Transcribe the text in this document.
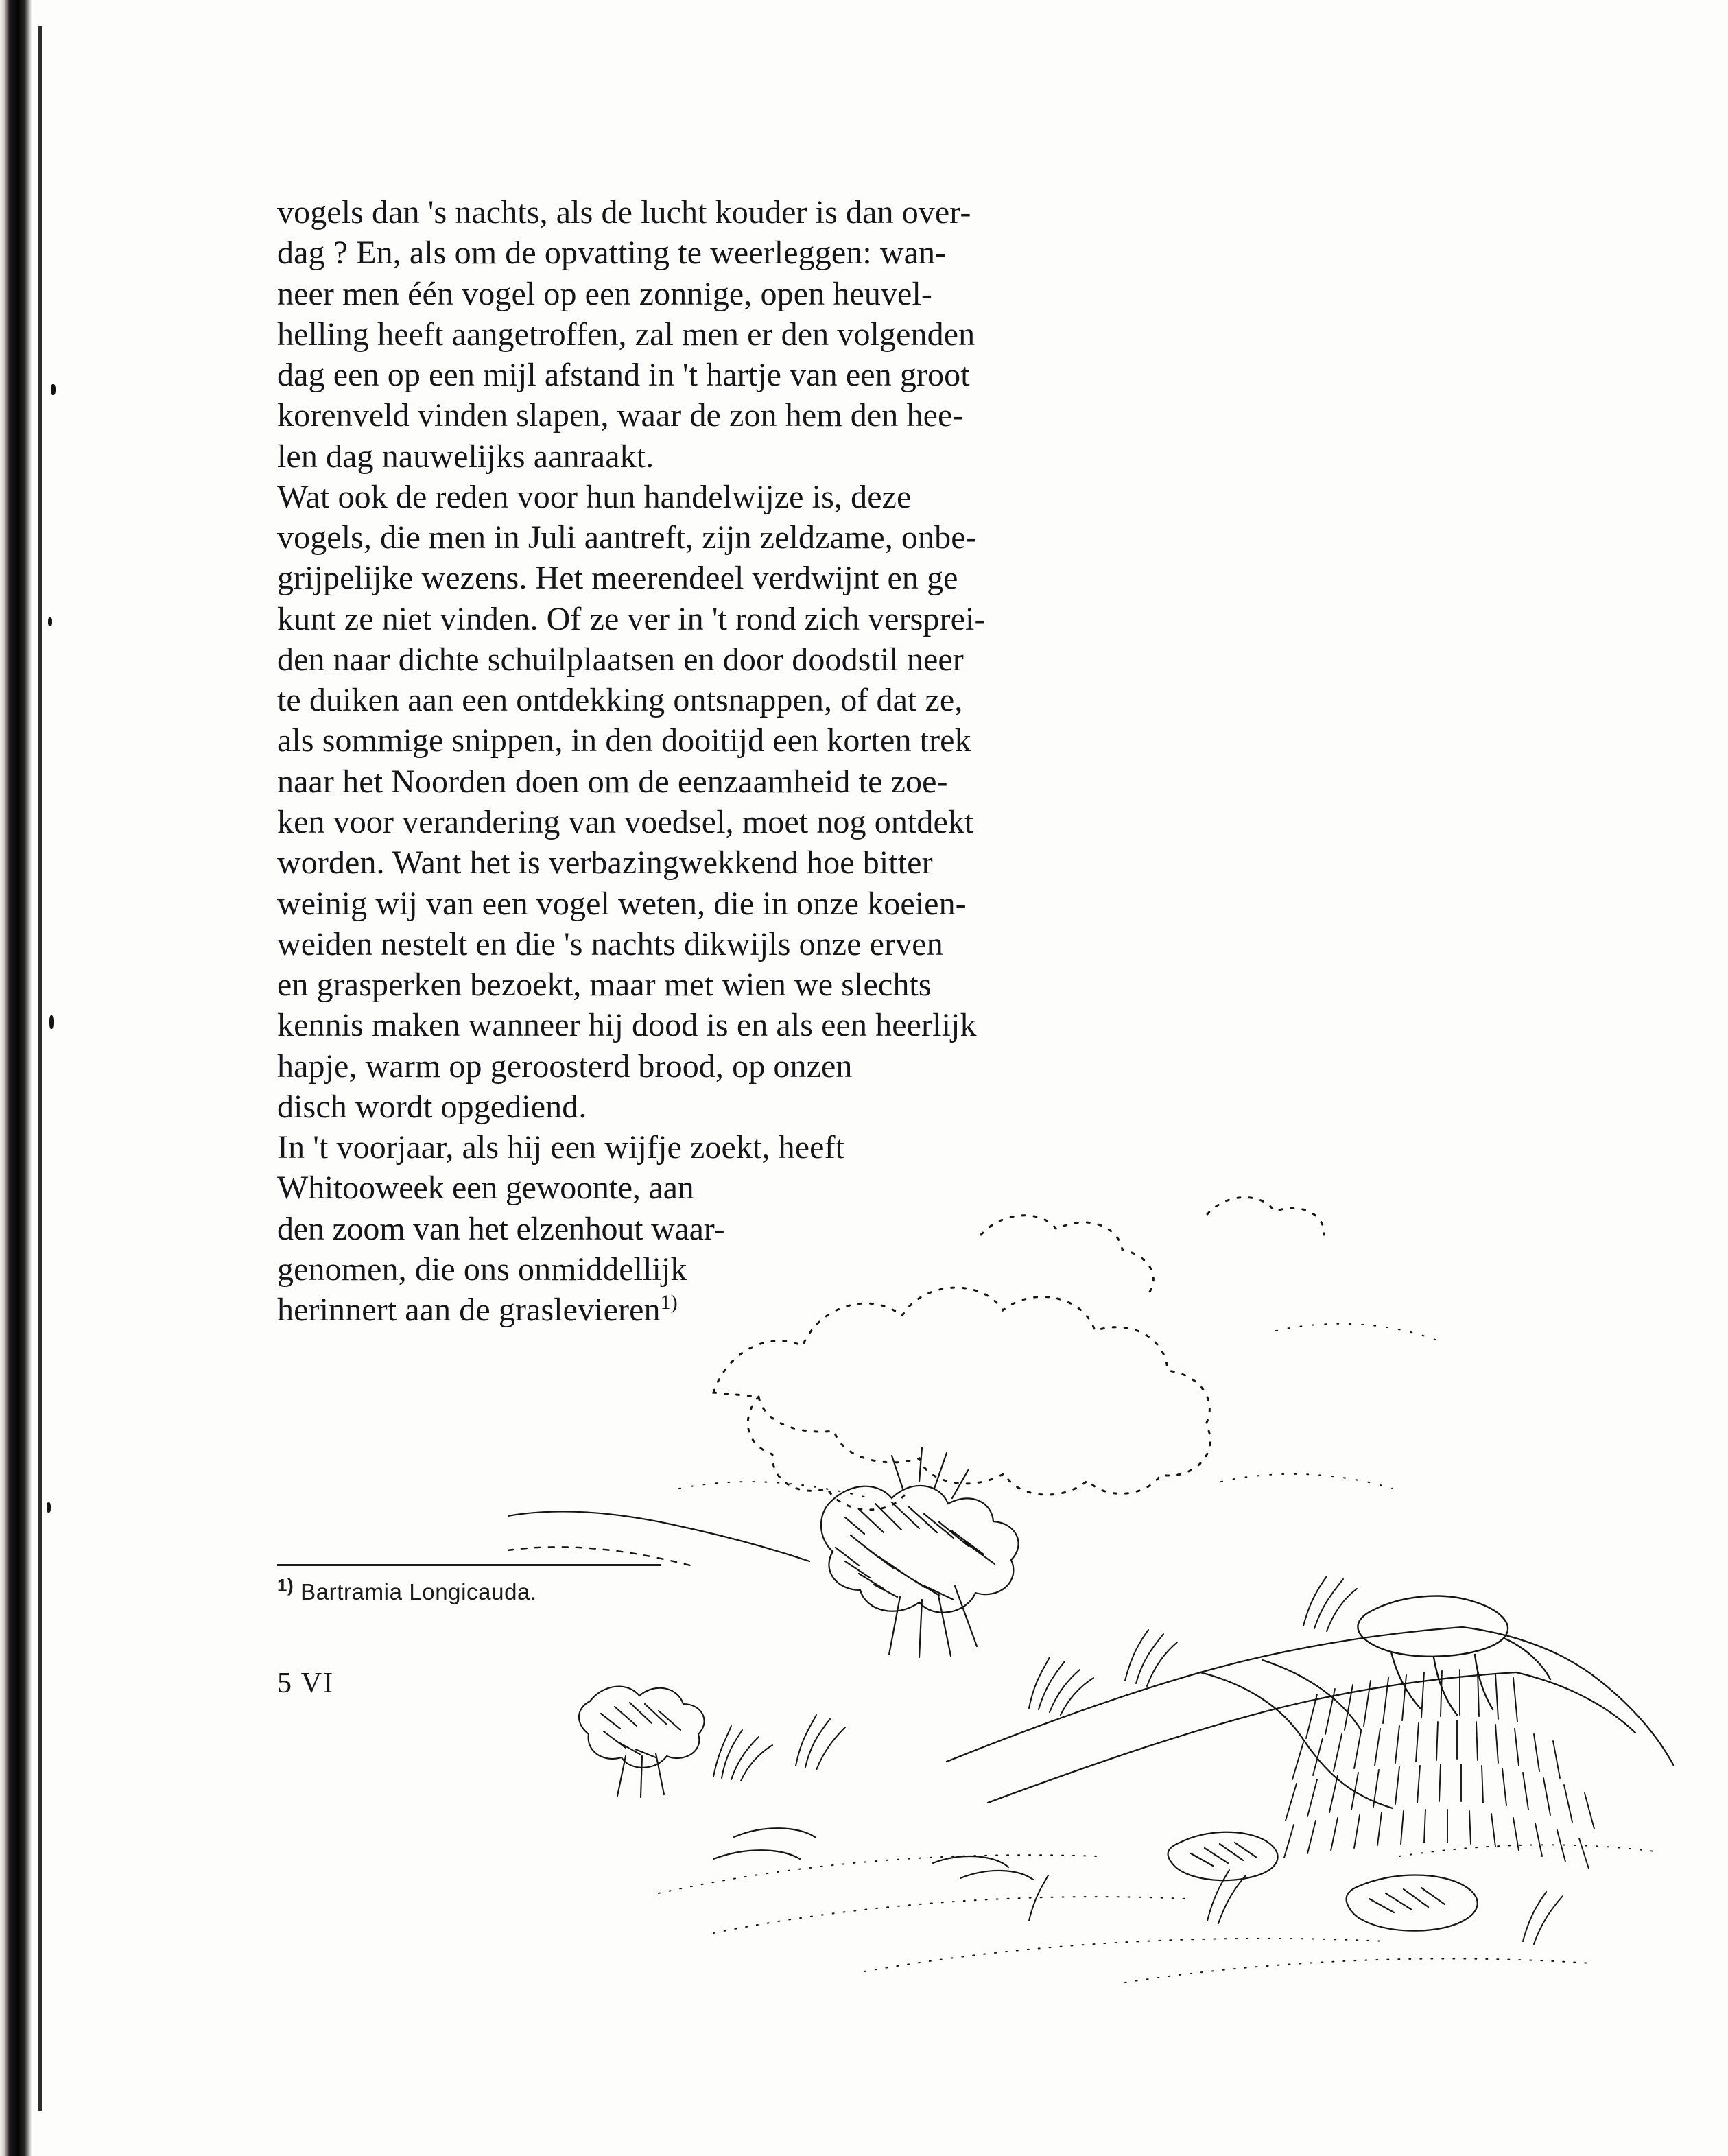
vogels dan 's nachts, als de lucht kouder is dan over-
dag ? En, als om de opvatting te weerleggen: wan-
neer men één vogel op een zonnige, open heuvel-
helling heeft aangetroffen, zal men er den volgenden
dag een op een mijl afstand in 't hartje van een groot
korenveld vinden slapen, waar de zon hem den hee-
len dag nauwelijks aanraakt.

Wat ook de reden voor hun handelwijze is, deze
vogels, die men in Juli aantreft, zijn zeldzame, onbe-
grijpelijke wezens. Het meerendeel verdwijnt en ge
kunt ze niet vinden. Of ze ver in 't rond zich versprei-
den naar dichte schuilplaatsen en door doodstil neer
te duiken aan een ontdekking ontsnappen, of dat ze,
als sommige snippen, in den dooitijd een korten trek
naar het Noorden doen om de eenzaamheid te zoe-
ken voor verandering van voedsel, moet nog ontdekt
worden. Want het is verbazingwekkend hoe bitter
weinig wij van een vogel weten, die in onze koeien-
weiden nestelt en die 's nachts dikwijls onze erven
en grasperken bezoekt, maar met wien we slechts
kennis maken wanneer hij dood is en als een heerlijk
hapje, warm op geroosterd brood, op onzen
disch wordt opgediend.

In 't voorjaar, als hij een wijfje zoekt, heeft
Whitooweek een gewoonte, aan
den zoom van het elzenhout waar-
genomen, die ons onmiddellijk
herinnert aan de graslevieren$^{1)}$

$^{1)}$ Bartramia Longicauda.
5 VI
